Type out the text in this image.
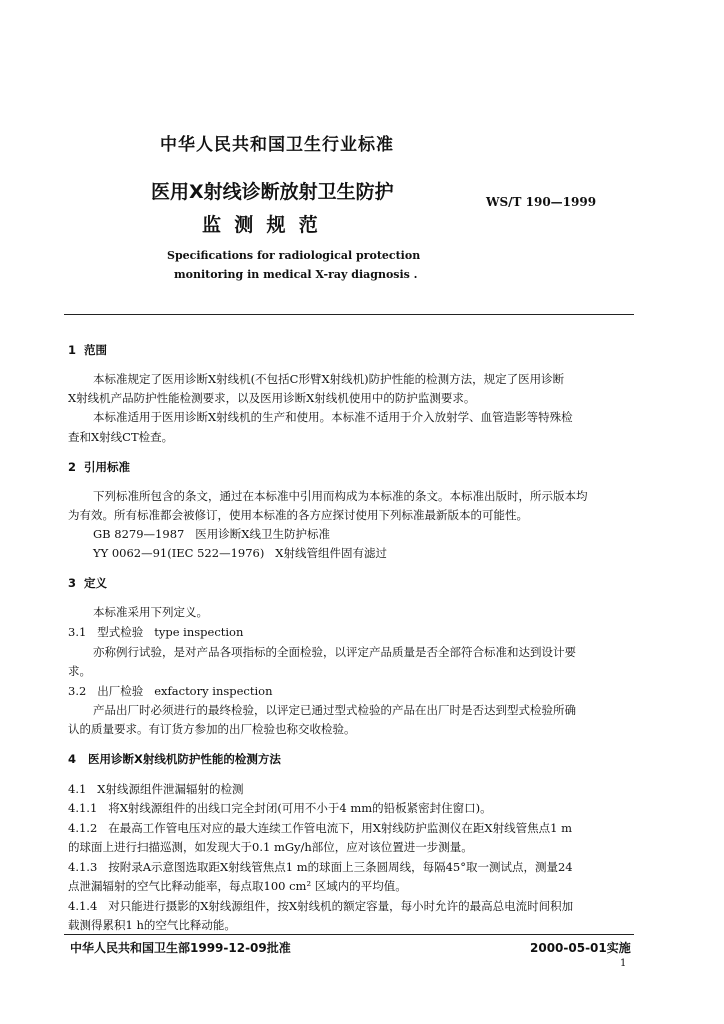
中华人民共和国卫生行业标准
医用X射线诊断放射卫生防护
监  测  规  范
WS/T 190—1999
Specifications for radiological protection
monitoring in medical X-ray diagnosis .
1  范围
本标准规定了医用诊断X射线机(不包括C形臂X射线机)防护性能的检测方法，规定了医用诊断
X射线机产品防护性能检测要求，以及医用诊断X射线机使用中的防护监测要求。
本标准适用于医用诊断X射线机的生产和使用。本标准不适用于介入放射学、血管造影等特殊检
查和X射线CT检查。
2  引用标准
下列标准所包含的条文，通过在本标准中引用而构成为本标准的条文。本标准出版时，所示版本均
为有效。所有标准都会被修订，使用本标准的各方应探讨使用下列标准最新版本的可能性。
GB 8279—1987   医用诊断X线卫生防护标准
YY 0062—91(IEC 522—1976)   X射线管组件固有滤过
3  定义
本标准采用下列定义。
3.1   型式检验   type inspection
亦称例行试验，是对产品各项指标的全面检验，以评定产品质量是否全部符合标准和达到设计要
求。
3.2   出厂检验   exfactory inspection
产品出厂时必须进行的最终检验，以评定已通过型式检验的产品在出厂时是否达到型式检验所确
认的质量要求。有订货方参加的出厂检验也称交收检验。
4   医用诊断X射线机防护性能的检测方法
4.1   X射线源组件泄漏辐射的检测
4.1.1   将X射线源组件的出线口完全封闭(可用不小于4 mm的铅板紧密封住窗口)。
4.1.2   在最高工作管电压对应的最大连续工作管电流下，用X射线防护监测仪在距X射线管焦点1 m
的球面上进行扫描巡测，如发现大于0.1 mGy/h部位，应对该位置进一步测量。
4.1.3   按附录A示意图选取距X射线管焦点1 m的球面上三条圆周线，每隔45°取一测试点，测量24
点泄漏辐射的空气比释动能率，每点取100 cm² 区域内的平均值。
4.1.4   对只能进行摄影的X射线源组件，按X射线机的额定容量，每小时允许的最高总电流时间积加
载测得累积1 h的空气比释动能。
中华人民共和国卫生部1999-12-09批准	2000-05-01实施
1
